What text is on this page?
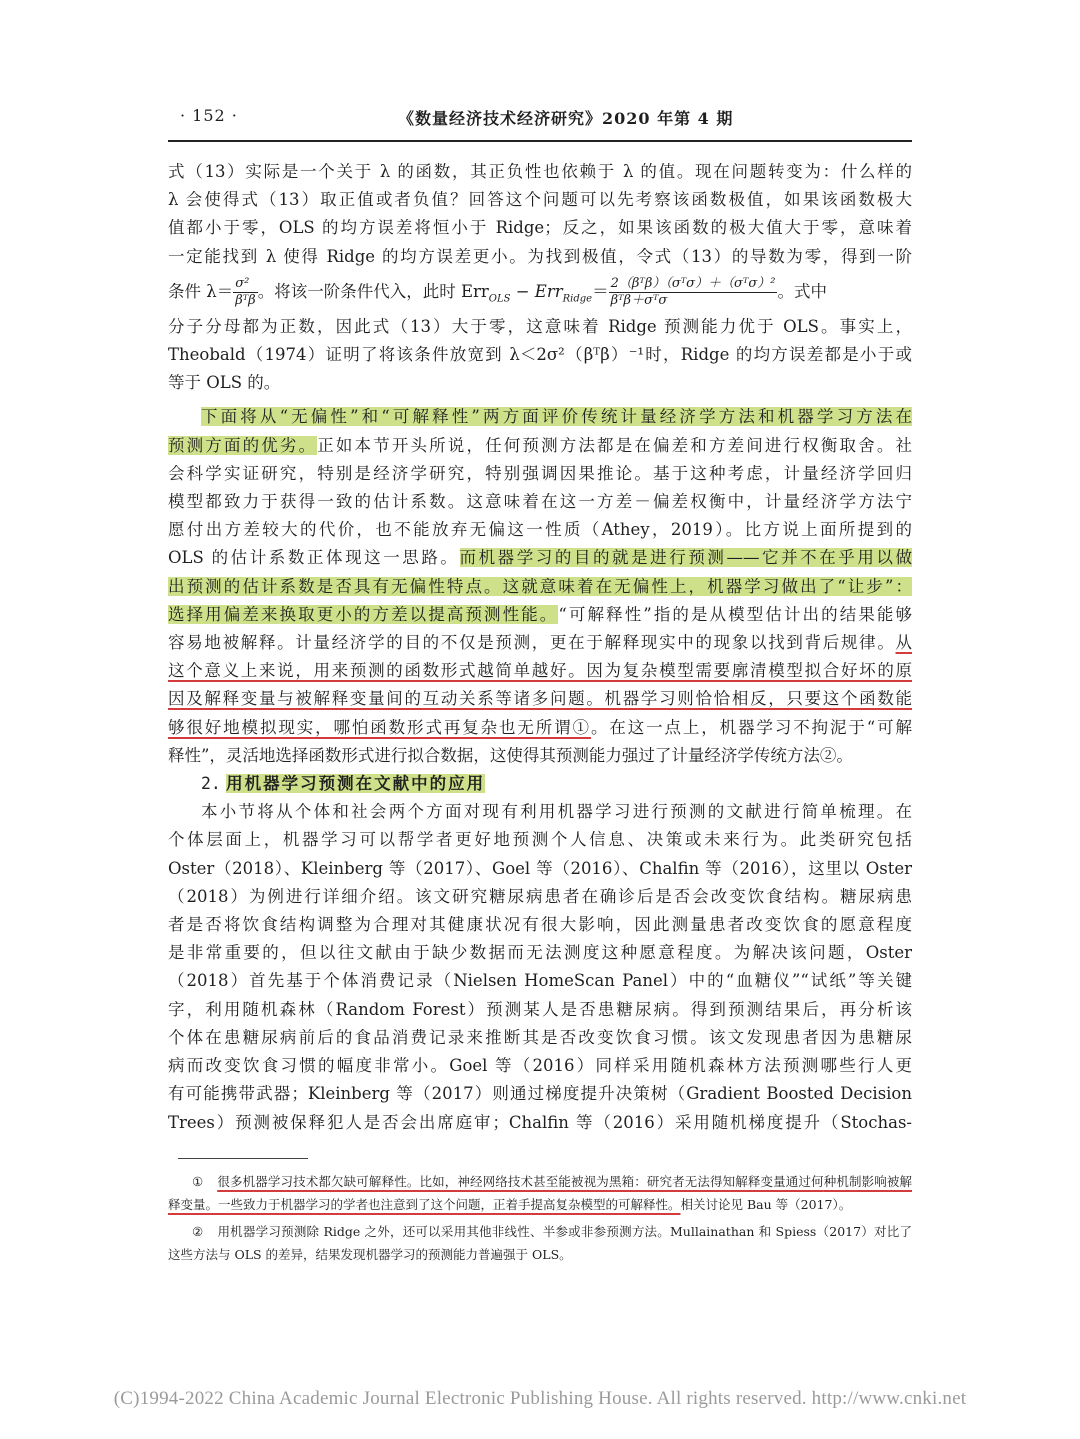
· 152 ·	《数量经济技术经济研究》2020 年第 4 期

式（13）实际是一个关于 λ 的函数，其正负性也依赖于 λ 的值。现在问题转变为：什么样的

λ 会使得式（13）取正值或者负值？回答这个问题可以先考察该函数极值，如果该函数极大

值都小于零，OLS 的均方误差将恒小于 Ridge；反之，如果该函数的极大值大于零，意味着

一定能找到 λ 使得 Ridge 的均方误差更小。为找到极值，令式（13）的导数为零，得到一阶

条件 $\lambda= \frac{\text{σ²}}{\text{βᵀβ}}$ 。将该一阶条件代入，此时 $Err_{OLS} - Err_{Ridge}= \frac{\text{2（βᵀβ）（σᵀσ）＋（σᵀσ）²}}{\text{βᵀβ＋σᵀσ}}$ 。式中

分子分母都为正数，因此式（13）大于零，这意味着 Ridge 预测能力优于 OLS。事实上，

Theobald（1974）证明了将该条件放宽到 λ＜2σ²（βᵀβ）⁻¹时，Ridge 的均方误差都是小于或

等于 OLS 的。

下面将从“无偏性”和“可解释性”两方面评价传统计量经济学方法和机器学习方法在

预测方面的优劣。正如本节开头所说，任何预测方法都是在偏差和方差间进行权衡取舍。社

会科学实证研究，特别是经济学研究，特别强调因果推论。基于这种考虑，计量经济学回归

模型都致力于获得一致的估计系数。这意味着在这一方差－偏差权衡中，计量经济学方法宁

愿付出方差较大的代价，也不能放弃无偏这一性质（Athey，2019）。比方说上面所提到的

OLS 的估计系数正体现这一思路。而机器学习的目的就是进行预测——它并不在乎用以做

出预测的估计系数是否具有无偏性特点。这就意味着在无偏性上，机器学习做出了“让步”：

选择用偏差来换取更小的方差以提高预测性能。“可解释性”指的是从模型估计出的结果能够

容易地被解释。计量经济学的目的不仅是预测，更在于解释现实中的现象以找到背后规律。从

这个意义上来说，用来预测的函数形式越简单越好。因为复杂模型需要廓清模型拟合好坏的原

因及解释变量与被解释变量间的互动关系等诸多问题。机器学习则恰恰相反，只要这个函数能

够很好地模拟现实，哪怕函数形式再复杂也无所谓①。在这一点上，机器学习不拘泥于“可解

释性”，灵活地选择函数形式进行拟合数据，这使得其预测能力强过了计量经济学传统方法②。

2. 用机器学习预测在文献中的应用

本小节将从个体和社会两个方面对现有利用机器学习进行预测的文献进行简单梳理。在

个体层面上，机器学习可以帮学者更好地预测个人信息、决策或未来行为。此类研究包括

Oster（2018）、Kleinberg 等（2017）、Goel 等（2016）、Chalfin 等（2016），这里以 Oster

（2018）为例进行详细介绍。该文研究糖尿病患者在确诊后是否会改变饮食结构。糖尿病患

者是否将饮食结构调整为合理对其健康状况有很大影响，因此测量患者改变饮食的愿意程度

是非常重要的，但以往文献由于缺少数据而无法测度这种愿意程度。为解决该问题，Oster

（2018）首先基于个体消费记录（Nielsen HomeScan Panel）中的“血糖仪”“试纸”等关键

字，利用随机森林（Random Forest）预测某人是否患糖尿病。得到预测结果后，再分析该

个体在患糖尿病前后的食品消费记录来推断其是否改变饮食习惯。该文发现患者因为患糖尿

病而改变饮食习惯的幅度非常小。Goel 等（2016）同样采用随机森林方法预测哪些行人更

有可能携带武器；Kleinberg 等（2017）则通过梯度提升决策树（Gradient Boosted Decision

Trees）预测被保释犯人是否会出席庭审；Chalfin 等（2016）采用随机梯度提升（Stochas-

① 很多机器学习技术都欠缺可解释性。比如，神经网络技术甚至能被视为黑箱：研究者无法得知解释变量通过何种机制影响被解释变量。一些致力于机器学习的学者也注意到了这个问题，正着手提高复杂模型的可解释性。相关讨论见 Bau 等（2017）。

② 用机器学习预测除 Ridge 之外，还可以采用其他非线性、半参或非参预测方法。Mullainathan 和 Spiess（2017）对比了这些方法与 OLS 的差异，结果发现机器学习的预测能力普遍强于 OLS。

(C)1994-2022 China Academic Journal Electronic Publishing House. All rights reserved. http://www.cnki.net
